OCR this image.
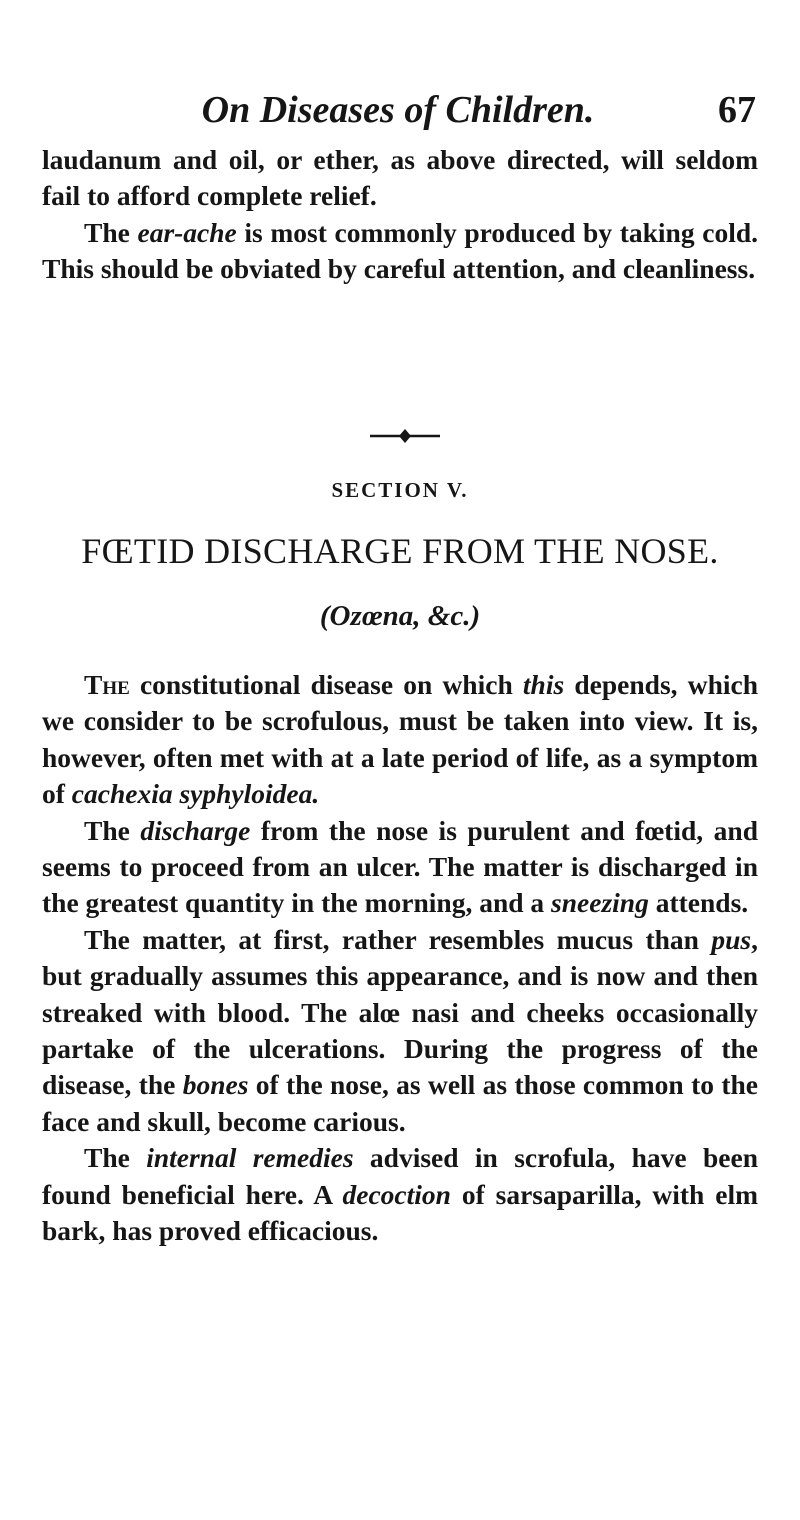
On Diseases of Children.	67

laudanum and oil, or ether, as above directed, will seldom fail to afford complete relief.

The ear-ache is most commonly produced by taking cold. This should be obviated by careful attention, and cleanliness.

SECTION V.
FŒTID DISCHARGE FROM THE NOSE.
(Ozœna, &c.)

The constitutional disease on which this depends, which we consider to be scrofulous, must be taken into view. It is, however, often met with at a late period of life, as a symptom of cachexia syphyloidea.

The discharge from the nose is purulent and fœtid, and seems to proceed from an ulcer. The matter is discharged in the greatest quantity in the morning, and a sneezing attends.

The matter, at first, rather resembles mucus than pus, but gradually assumes this appearance, and is now and then streaked with blood. The alœ nasi and cheeks occasionally partake of the ulcerations. During the progress of the disease, the bones of the nose, as well as those common to the face and skull, become carious.

The internal remedies advised in scrofula, have been found beneficial here. A decoction of sarsaparilla, with elm bark, has proved efficacious.
